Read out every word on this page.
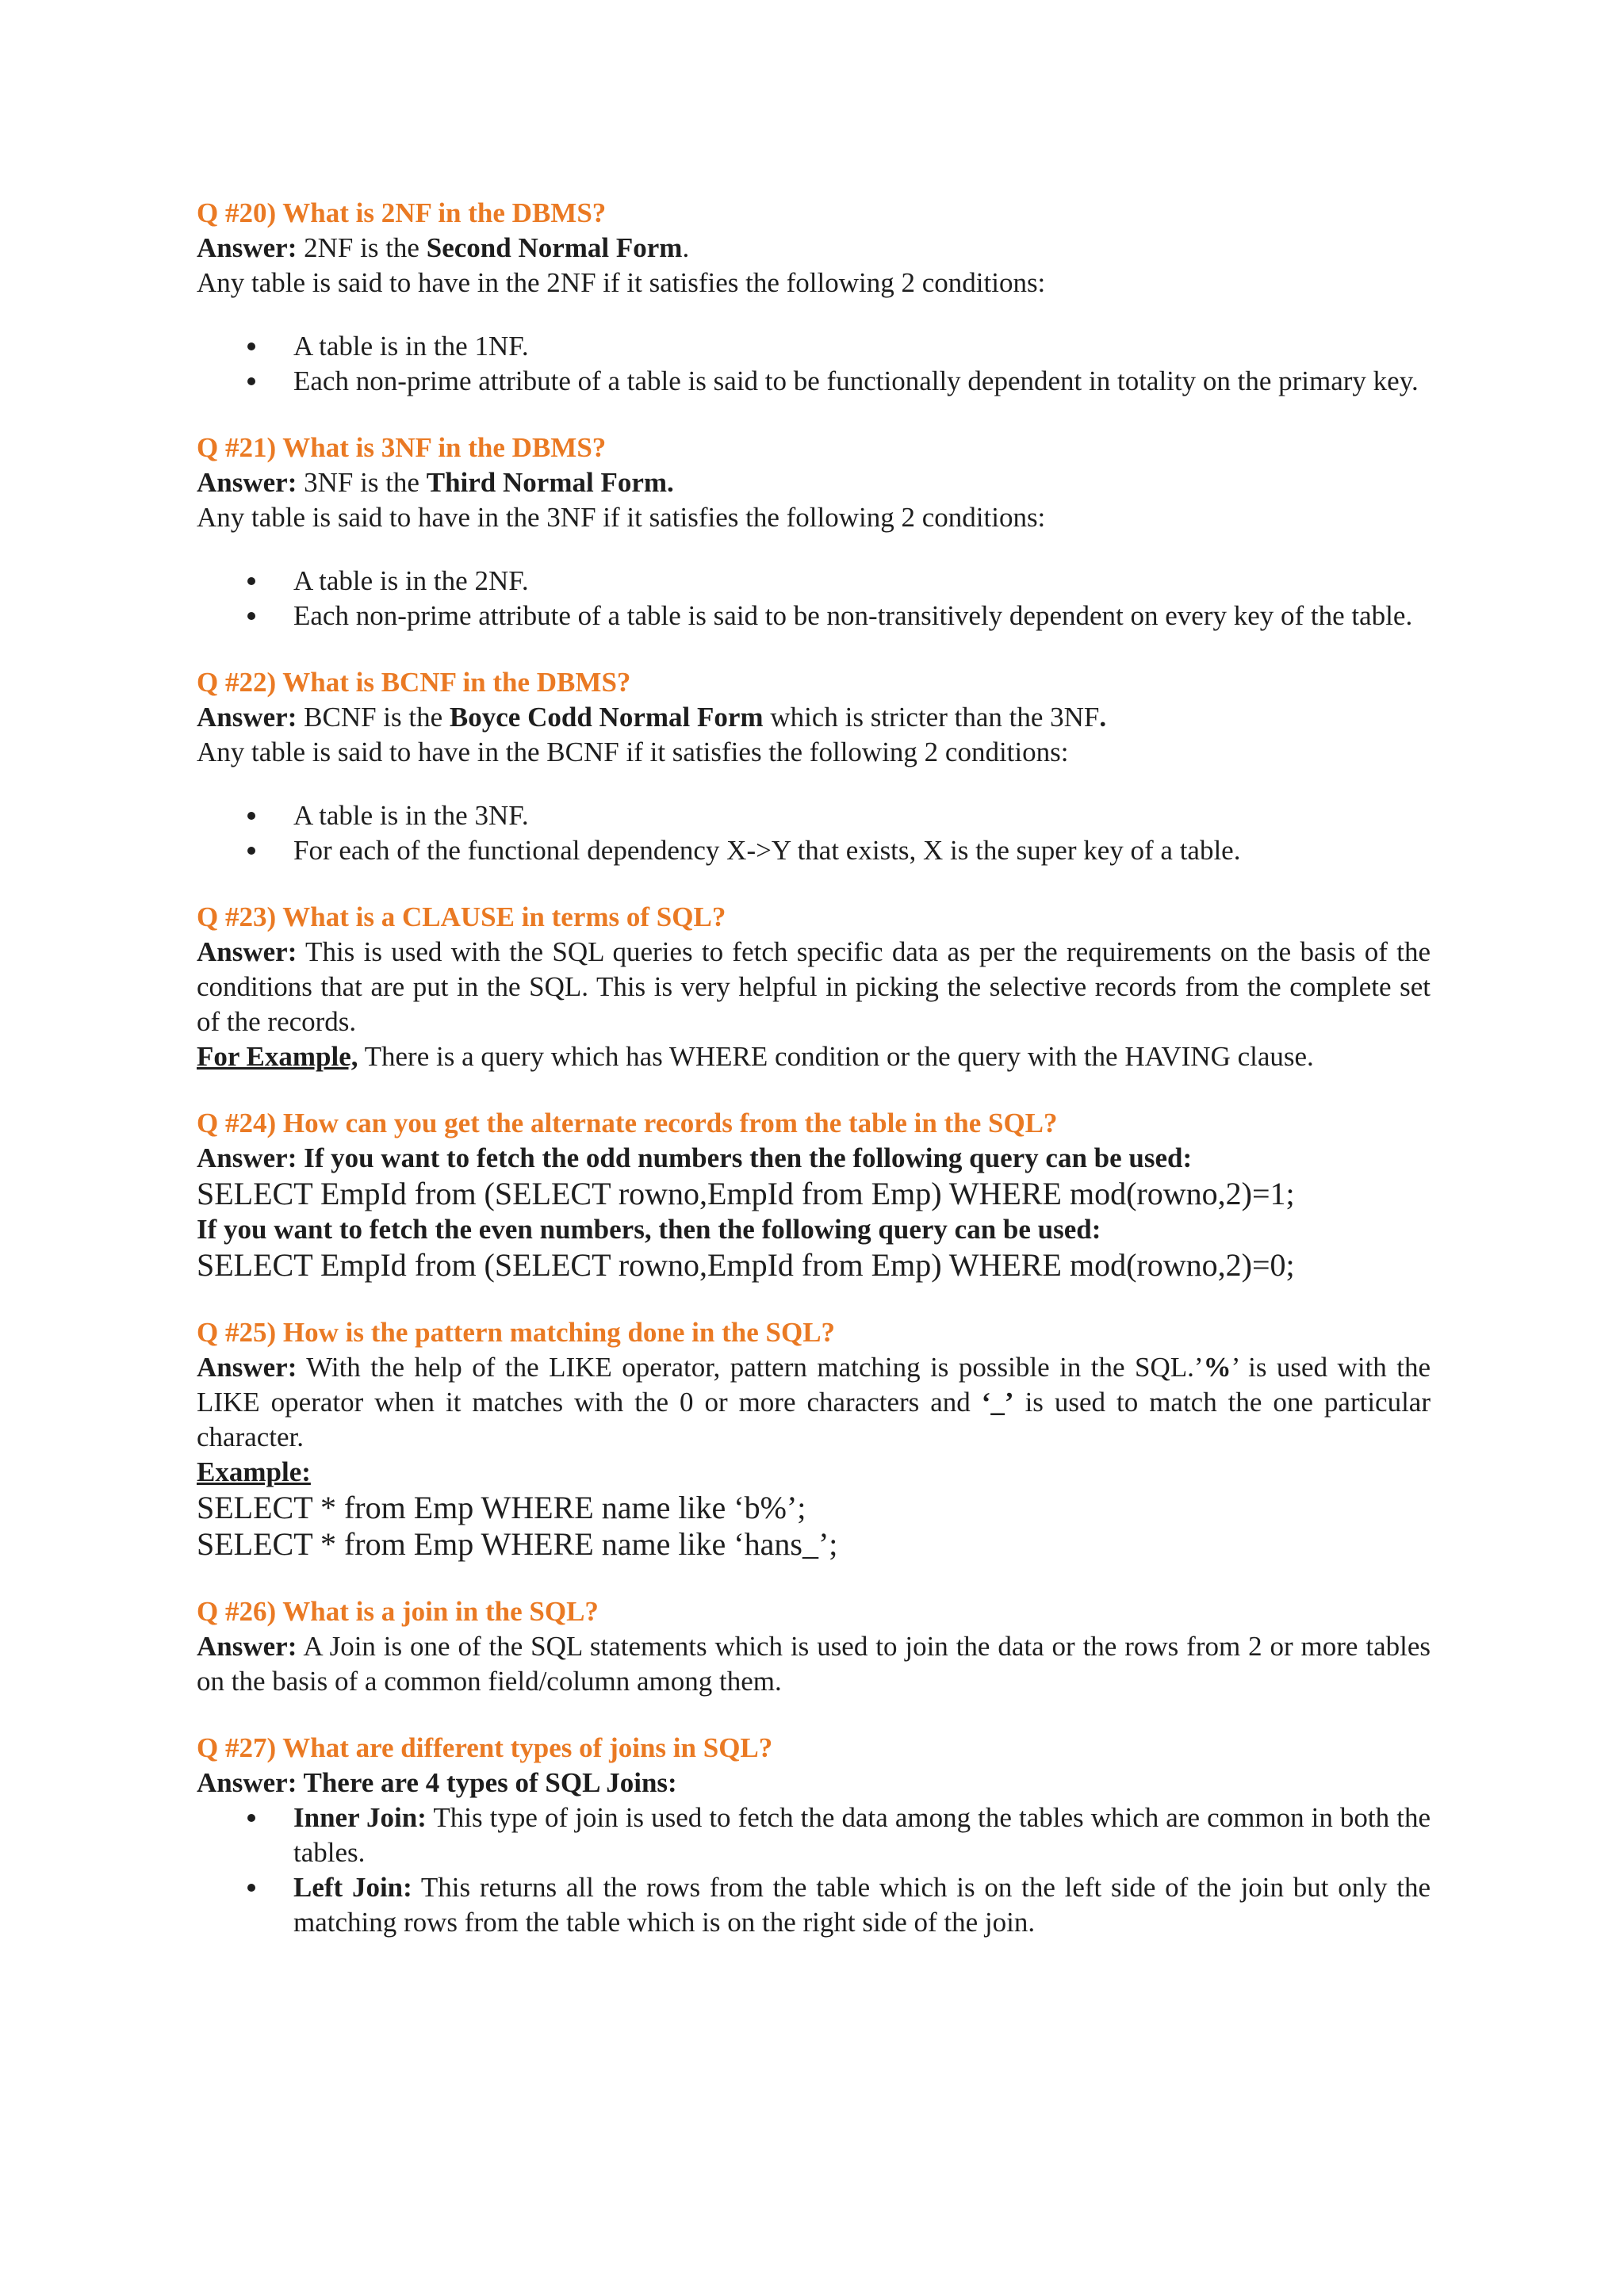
Q #20) What is 2NF in the DBMS?

Answer: 2NF is the Second Normal Form.

Any table is said to have in the 2NF if it satisfies the following 2 conditions:

A table is in the 1NF.
Each non-prime attribute of a table is said to be functionally dependent in totality on the primary key.

Q #21) What is 3NF in the DBMS?

Answer: 3NF is the Third Normal Form.

Any table is said to have in the 3NF if it satisfies the following 2 conditions:

A table is in the 2NF.
Each non-prime attribute of a table is said to be non-transitively dependent on every key of the table.

Q #22) What is BCNF in the DBMS?

Answer: BCNF is the Boyce Codd Normal Form which is stricter than the 3NF.

Any table is said to have in the BCNF if it satisfies the following 2 conditions:

A table is in the 3NF.
For each of the functional dependency X->Y that exists, X is the super key of a table.

Q #23) What is a CLAUSE in terms of SQL?

Answer: This is used with the SQL queries to fetch specific data as per the requirements on the basis of the conditions that are put in the SQL. This is very helpful in picking the selective records from the complete set of the records.

For Example, There is a query which has WHERE condition or the query with the HAVING clause.

Q #24) How can you get the alternate records from the table in the SQL?

Answer: If you want to fetch the odd numbers then the following query can be used:

SELECT EmpId from (SELECT rowno,EmpId from Emp) WHERE mod(rowno,2)=1;

If you want to fetch the even numbers, then the following query can be used:

SELECT EmpId from (SELECT rowno,EmpId from Emp) WHERE mod(rowno,2)=0;

Q #25) How is the pattern matching done in the SQL?

Answer: With the help of the LIKE operator, pattern matching is possible in the SQL.’%’ is used with the LIKE operator when it matches with the 0 or more characters and ‘_’ is used to match the one particular character.

Example:

SELECT * from Emp WHERE name like ‘b%’;

SELECT * from Emp WHERE name like ‘hans_’;

Q #26) What is a join in the SQL?

Answer: A Join is one of the SQL statements which is used to join the data or the rows from 2 or more tables on the basis of a common field/column among them.

Q #27) What are different types of joins in SQL?

Answer: There are 4 types of SQL Joins:

Inner Join: This type of join is used to fetch the data among the tables which are common in both the tables.
Left Join: This returns all the rows from the table which is on the left side of the join but only the matching rows from the table which is on the right side of the join.
